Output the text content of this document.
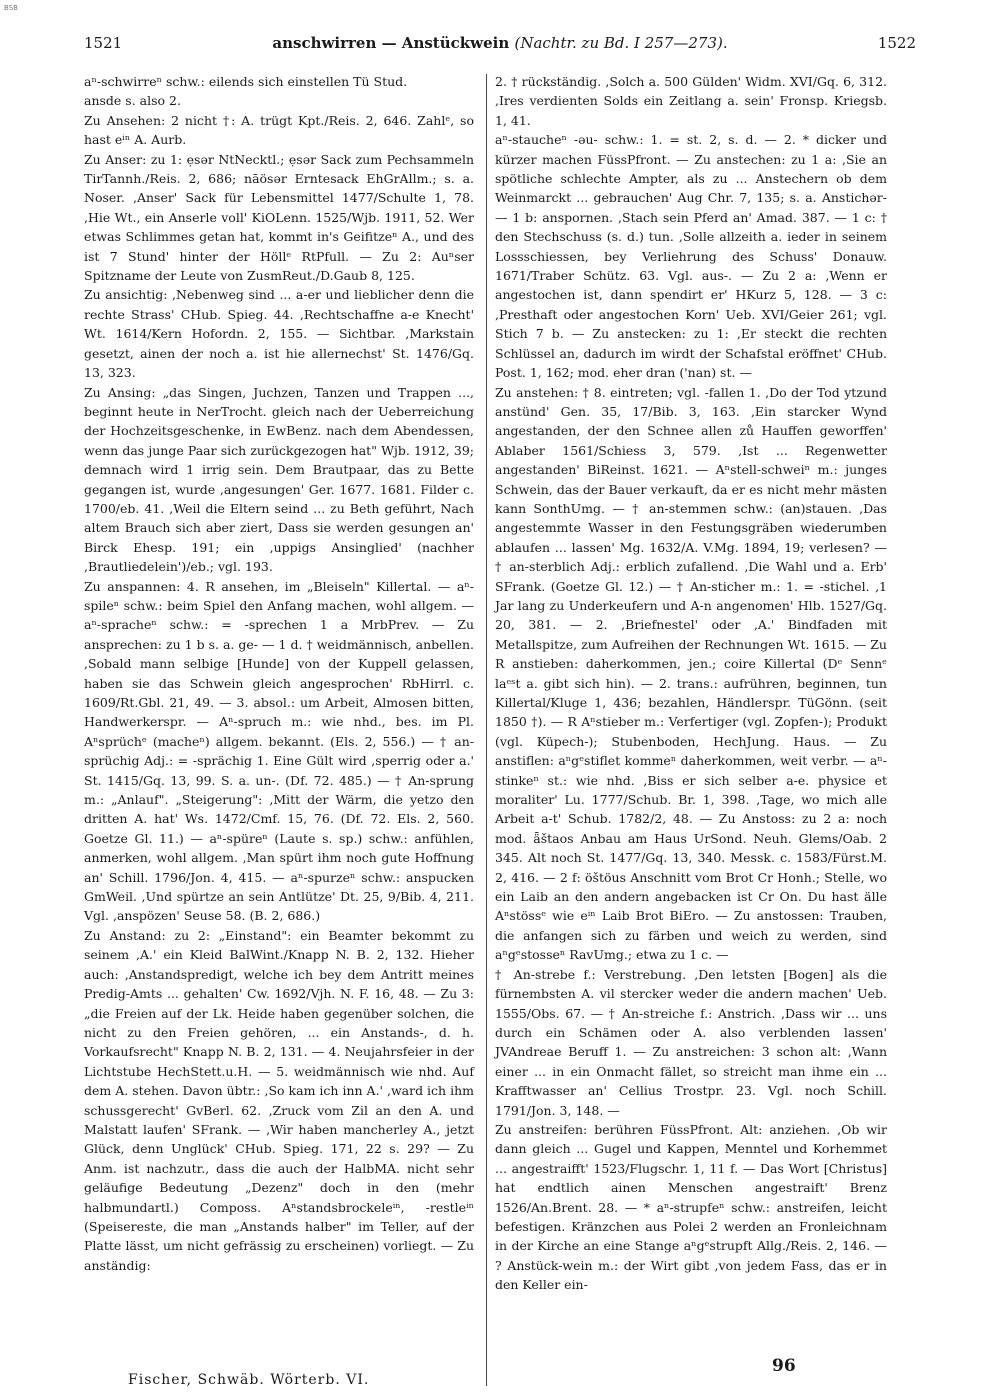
BSB
1521	anschwirren — Anstückwein (Nachtr. zu Bd. I 257—273).	1522

aⁿ-schwirreⁿ schw.: eilends sich einstellen Tü Stud.

ansde s. also 2.

Zu Ansehen: 2 nicht †: A. trügt Kpt./Reis. 2, 646. Zahlᵉ, so hast eⁱⁿ A. Aurb.

Zu Anser: zu 1: ẹsər NtNecktl.; ẹsər Sack zum Pechsammeln TirTannh./Reis. 2, 686; nāösər Erntesack EhGrAllm.; s. a. Noser. ,Anser' Sack für Lebensmittel 1477/Schulte 1, 78. ,Hie Wt., ein Anserle voll' KiOLenn. 1525/Wjb. 1911, 52. Wer etwas Schlimmes getan hat, kommt in's Geifitzeⁿ A., und des ist 7 Stund' hinter der Höllᵉ RtPfull. — Zu 2: Auⁿser Spitzname der Leute von ZusmReut./D.Gaub 8, 125.

Zu ansichtig: ,Nebenweg sind ... a-er und lieblicher denn die rechte Strass' CHub. Spieg. 44. ,Rechtschaffne a-e Knecht' Wt. 1614/Kern Hofordn. 2, 155. — Sichtbar. ,Markstain gesetzt, ainen der noch a. ist hie allernechst' St. 1476/Gq. 13, 323.

Zu Ansing: „das Singen, Juchzen, Tanzen und Trappen ..., beginnt heute in NerTrocht. gleich nach der Ueberreichung der Hochzeitsgeschenke, in EwBenz. nach dem Abendessen, wenn das junge Paar sich zurückgezogen hat" Wjb. 1912, 39; demnach wird 1 irrig sein. Dem Brautpaar, das zu Bette gegangen ist, wurde ,angesungen' Ger. 1677. 1681. Filder c. 1700/eb. 41. ,Weil die Eltern seind ... zu Beth geführt, Nach altem Brauch sich aber ziert, Dass sie werden gesungen an' Birck Ehesp. 191; ein ,uppigs Ansinglied' (nachher ,Brautliedelein')/eb.; vgl. 193.

Zu anspannen: 4. R ansehen, im „Bleiseln" Killertal. — aⁿ-spileⁿ schw.: beim Spiel den Anfang machen, wohl allgem. — aⁿ-spracheⁿ schw.: = -sprechen 1 a MrbPrev. — Zu ansprechen: zu 1 b s. a. ge- — 1 d. † weidmännisch, anbellen. ,Sobald mann selbige [Hunde] von der Kuppell gelassen, haben sie das Schwein gleich angesprochen' RbHirrl. c. 1609/Rt.Gbl. 21, 49. — 3. absol.: um Arbeit, Almosen bitten, Handwerkerspr. — Aⁿ-spruch m.: wie nhd., bes. im Pl. Aⁿsprüchᵉ (macheⁿ) allgem. bekannt. (Els. 2, 556.) — † an-sprüchig Adj.: = -sprächig 1. Eine Gült wird ,sperrig oder a.' St. 1415/Gq. 13, 99. S. a. un-. (Df. 72. 485.) — † An-sprung m.: „Anlauf". „Steigerung": ,Mitt der Wärm, die yetzo den dritten A. hat' Ws. 1472/Cmf. 15, 76. (Df. 72. Els. 2, 560. Goetze Gl. 11.) — aⁿ-spüreⁿ (Laute s. sp.) schw.: anfühlen, anmerken, wohl allgem. ,Man spürt ihm noch gute Hoffnung an' Schill. 1796/Jon. 4, 415. — aⁿ-spurzeⁿ schw.: anspucken GmWeil. ,Und spürtze an sein Antlütze' Dt. 25, 9/Bib. 4, 211. Vgl. ,anspözen' Seuse 58. (B. 2, 686.)

Zu Anstand: zu 2: „Einstand": ein Beamter bekommt zu seinem ,A.' ein Kleid BalWint./Knapp N. B. 2, 132. Hieher auch: ,Anstandspredigt, welche ich bey dem Antritt meines Predig-Amts ... gehalten' Cw. 1692/Vjh. N. F. 16, 48. — Zu 3: „die Freien auf der Lk. Heide haben gegenüber solchen, die nicht zu den Freien gehören, ... ein Anstands-, d. h. Vorkaufsrecht" Knapp N. B. 2, 131. — 4. Neujahrsfeier in der Lichtstube HechStett.u.H. — 5. weidmännisch wie nhd. Auf dem A. stehen. Davon übtr.: ,So kam ich inn A.' ,ward ich ihm schussgerecht' GvBerl. 62. ,Zruck vom Zil an den A. und Malstatt laufen' SFrank. — ,Wir haben mancherley A., jetzt Glück, denn Unglück' CHub. Spieg. 171, 22 s. 29? — Zu Anm. ist nachzutr., dass die auch der HalbMA. nicht sehr geläufige Bedeutung „Dezenz" doch in den (mehr halbmundartl.) Composs. Aⁿstandsbrockeleⁱⁿ, -restleⁱⁿ (Speisereste, die man „Anstands halber" im Teller, auf der Platte lässt, um nicht gefrässig zu erscheinen) vorliegt. — Zu anständig:

2. † rückständig. ,Solch a. 500 Gülden' Widm. XVI/Gq. 6, 312. ,Ires verdienten Solds ein Zeitlang a. sein' Fronsp. Kriegsb. 1, 41.

aⁿ-staucheⁿ -əu- schw.: 1. = st. 2, s. d. — 2. * dicker und kürzer machen FüssPfront. — Zu anstechen: zu 1 a: ,Sie an spötliche schlechte Ampter, als zu ... Anstechern ob dem Weinmarckt ... gebrauchen' Aug Chr. 7, 135; s. a. Anstichər- — 1 b: anspornen. ,Stach sein Pferd an' Amad. 387. — 1 c: † den Stechschuss (s. d.) tun. ,Solle allzeith a. ieder in seinem Lossschiessen, bey Verliehrung des Schuss' Donauw. 1671/Traber Schütz. 63. Vgl. aus-. — Zu 2 a: ,Wenn er angestochen ist, dann spendirt er' HKurz 5, 128. — 3 c: ,Presthaft oder angestochen Korn' Ueb. XVI/Geier 261; vgl. Stich 7 b. — Zu anstecken: zu 1: ,Er steckt die rechten Schlüssel an, dadurch im wirdt der Schafstal eröffnet' CHub. Post. 1, 162; mod. eher dran ('nan) st. —

Zu anstehen: † 8. eintreten; vgl. -fallen 1. ,Do der Tod ytzund anstünd' Gen. 35, 17/Bib. 3, 163. ,Ein starcker Wynd angestanden, der den Schnee allen zů Hauffen geworffen' Ablaber 1561/Schiess 3, 579. ,Ist ... Regenwetter angestanden' BiReinst. 1621. — Aⁿstell-schweiⁿ m.: junges Schwein, das der Bauer verkauft, da er es nicht mehr mästen kann SonthUmg. — † an-stemmen schw.: (an)stauen. ,Das angestemmte Wasser in den Festungsgräben wiederumben ablaufen ... lassen' Mg. 1632/A. V.Mg. 1894, 19; verlesen? — † an-sterblich Adj.: erblich zufallend. ,Die Wahl und a. Erb' SFrank. (Goetze Gl. 12.) — † An-sticher m.: 1. = -stichel. ,1 Jar lang zu Underkeufern und A-n angenomen' Hlb. 1527/Gq. 20, 381. — 2. ,Briefnestel' oder ,A.' Bindfaden mit Metallspitze, zum Aufreihen der Rechnungen Wt. 1615. — Zu R anstieben: daherkommen, jen.; coire Killertal (Dᵉ Sennᵉ laᵉˢt a. gibt sich hin). — 2. trans.: aufrühren, beginnen, tun Killertal/Kluge 1, 436; bezahlen, Händlerspr. TüGönn. (seit 1850 †). — R Aⁿstieber m.: Verfertiger (vgl. Zopfen-); Produkt (vgl. Küpech-); Stubenboden, HechJung. Haus. — Zu anstiflen: aⁿgᵉstiflet kommeⁿ daherkommen, weit verbr. — aⁿ-stinkeⁿ st.: wie nhd. ,Biss er sich selber a-e. physice et moraliter' Lu. 1777/Schub. Br. 1, 398. ,Tage, wo mich alle Arbeit a-t' Schub. 1782/2, 48. — Zu Anstoss: zu 2 a: noch mod. ǟštaos Anbau am Haus UrSond. Neuh. Glems/Oab. 2 345. Alt noch St. 1477/Gq. 13, 340. Messk. c. 1583/Fürst.M. 2, 416. — 2 f: öštöus Anschnitt vom Brot Cr Honh.; Stelle, wo ein Laib an den andern angebacken ist Cr On. Du hast älle Aⁿstössᵉ wie eⁱⁿ Laib Brot BiEro. — Zu anstossen: Trauben, die anfangen sich zu färben und weich zu werden, sind aⁿgᵉstosseⁿ RavUmg.; etwa zu 1 c. —

† An-strebe f.: Verstrebung. ,Den letsten [Bogen] als die fürnembsten A. vil stercker weder die andern machen' Ueb. 1555/Obs. 67. — † An-streiche f.: Anstrich. ,Dass wir ... uns durch ein Schämen oder A. also verblenden lassen' JVAndreae Beruff 1. — Zu anstreichen: 3 schon alt: ,Wann einer ... in ein Onmacht fället, so streicht man ihme ein ... Krafftwasser an' Cellius Trostpr. 23. Vgl. noch Schill. 1791/Jon. 3, 148. —

Zu anstreifen: berühren FüssPfront. Alt: anziehen. ,Ob wir dann gleich ... Gugel und Kappen, Menntel und Korhemmet ... angestraifft' 1523/Flugschr. 1, 11 f. — Das Wort [Christus] hat endtlich ainen Menschen angestraift' Brenz 1526/An.Brent. 28. — * aⁿ-strupfeⁿ schw.: anstreifen, leicht befestigen. Kränzchen aus Polei 2 werden an Fronleichnam in der Kirche an eine Stange aⁿgᵉstrupft Allg./Reis. 2, 146. — ? Anstück-wein m.: der Wirt gibt ,von jedem Fass, das er in den Keller ein-

Fischer, Schwäb. Wörterb. VI.
96
